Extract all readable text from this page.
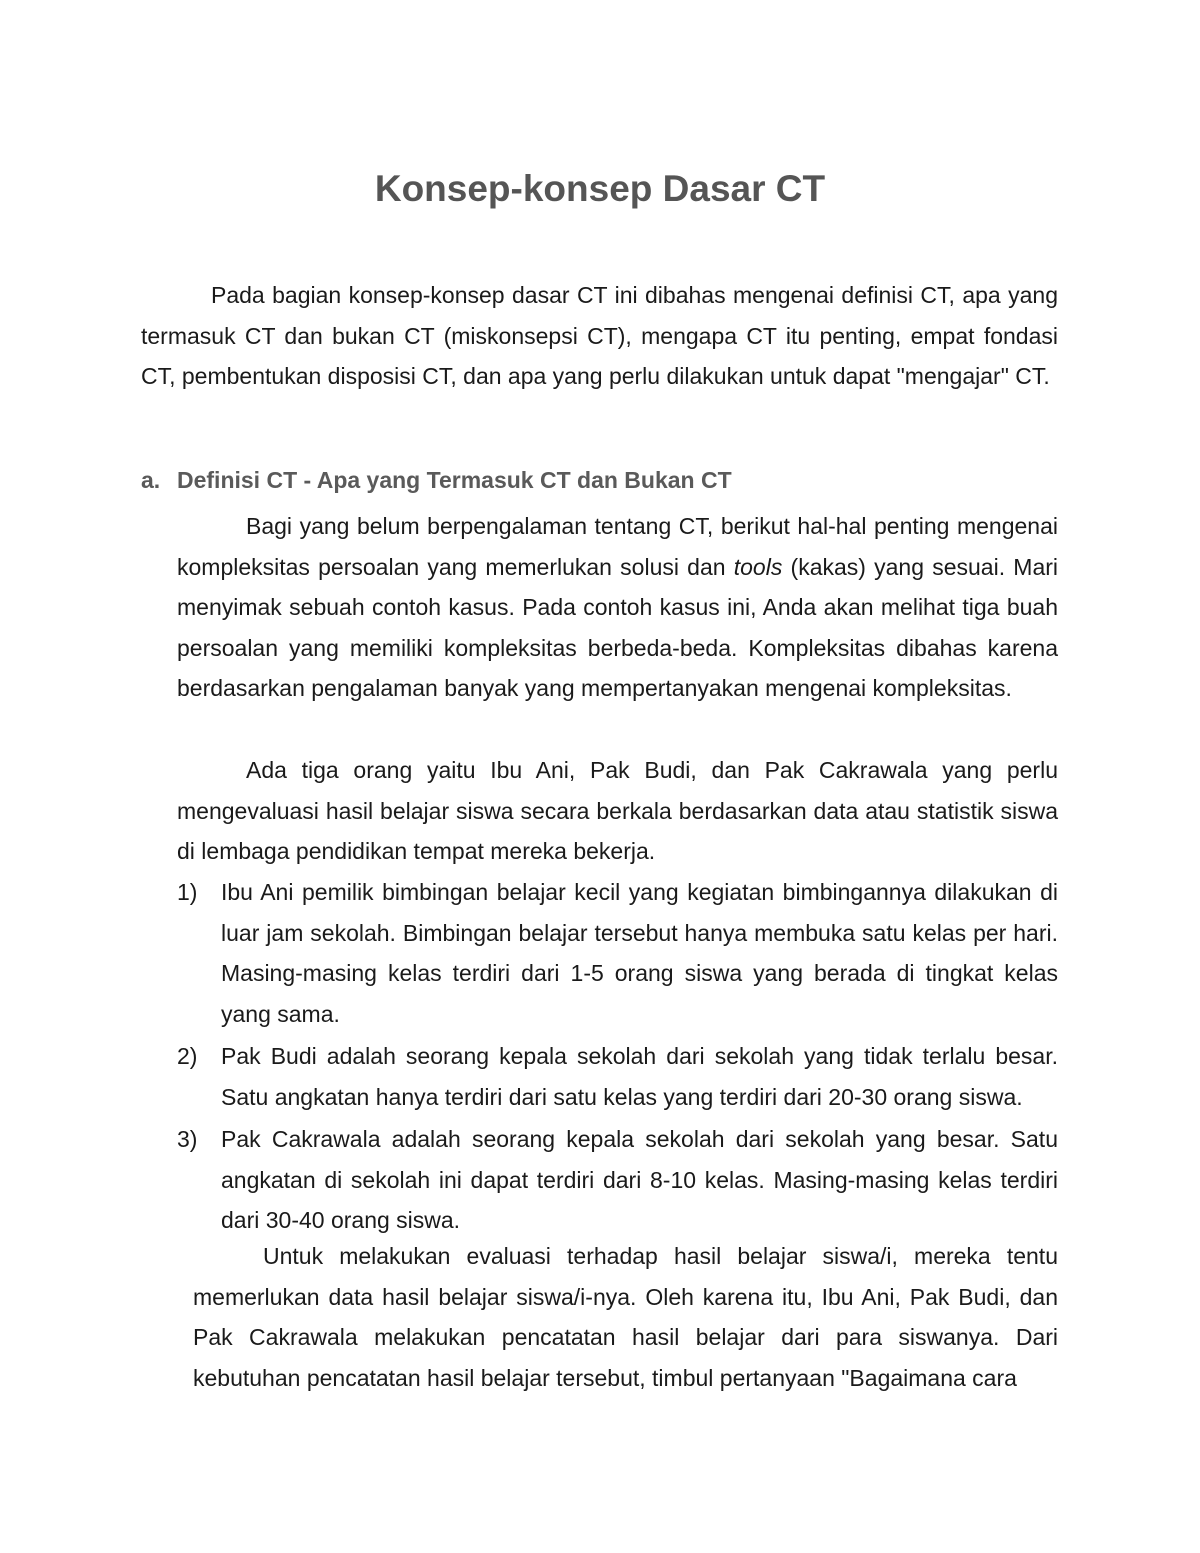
Konsep-konsep Dasar CT

Pada bagian konsep-konsep dasar CT ini dibahas mengenai definisi CT, apa yang termasuk CT dan bukan CT (miskonsepsi CT), mengapa CT itu penting, empat fondasi CT, pembentukan disposisi CT, dan apa yang perlu dilakukan untuk dapat "mengajar" CT.

a. Definisi CT - Apa yang Termasuk CT dan Bukan CT

Bagi yang belum berpengalaman tentang CT, berikut hal-hal penting mengenai kompleksitas persoalan yang memerlukan solusi dan tools (kakas) yang sesuai. Mari menyimak sebuah contoh kasus. Pada contoh kasus ini, Anda akan melihat tiga buah persoalan yang memiliki kompleksitas berbeda-beda. Kompleksitas dibahas karena berdasarkan pengalaman banyak yang mempertanyakan mengenai kompleksitas.

Ada tiga orang yaitu Ibu Ani, Pak Budi, dan Pak Cakrawala yang perlu mengevaluasi hasil belajar siswa secara berkala berdasarkan data atau statistik siswa di lembaga pendidikan tempat mereka bekerja.

1) Ibu Ani pemilik bimbingan belajar kecil yang kegiatan bimbingannya dilakukan di luar jam sekolah. Bimbingan belajar tersebut hanya membuka satu kelas per hari. Masing-masing kelas terdiri dari 1-5 orang siswa yang berada di tingkat kelas yang sama.
2) Pak Budi adalah seorang kepala sekolah dari sekolah yang tidak terlalu besar. Satu angkatan hanya terdiri dari satu kelas yang terdiri dari 20-30 orang siswa.
3) Pak Cakrawala adalah seorang kepala sekolah dari sekolah yang besar. Satu angkatan di sekolah ini dapat terdiri dari 8-10 kelas. Masing-masing kelas terdiri dari 30-40 orang siswa.

Untuk melakukan evaluasi terhadap hasil belajar siswa/i, mereka tentu memerlukan data hasil belajar siswa/i-nya. Oleh karena itu, Ibu Ani, Pak Budi, dan Pak Cakrawala melakukan pencatatan hasil belajar dari para siswanya. Dari kebutuhan pencatatan hasil belajar tersebut, timbul pertanyaan "Bagaimana cara
